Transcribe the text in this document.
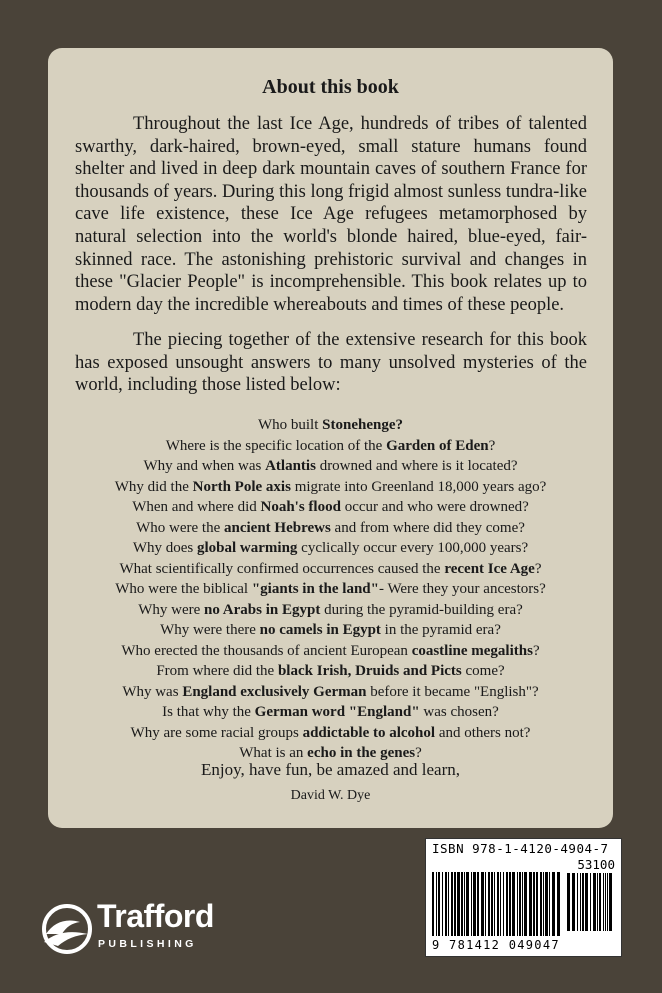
About this book

Throughout the last Ice Age, hundreds of tribes of talented swarthy, dark-haired, brown-eyed, small stature humans found shelter and lived in deep dark mountain caves of southern France for thousands of years. During this long frigid almost sunless tundra-like cave life existence, these Ice Age refugees metamorphosed by natural selection into the world's blonde haired, blue-eyed, fair-skinned race. The astonishing prehistoric survival and changes in these "Glacier People" is incomprehensible. This book relates up to modern day the incredible whereabouts and times of these people.

The piecing together of the extensive research for this book has exposed unsought answers to many unsolved mysteries of the world, including those listed below:

Who built Stonehenge?
Where is the specific location of the Garden of Eden?
Why and when was Atlantis drowned and where is it located?
Why did the North Pole axis migrate into Greenland 18,000 years ago?
When and where did Noah's flood occur and who were drowned?
Who were the ancient Hebrews and from where did they come?
Why does global warming cyclically occur every 100,000 years?
What scientifically confirmed occurrences caused the recent Ice Age?
Who were the biblical "giants in the land"- Were they your ancestors?
Why were no Arabs in Egypt during the pyramid-building era?
Why were there no camels in Egypt in the pyramid era?
Who erected the thousands of ancient European coastline megaliths?
From where did the black Irish, Druids and Picts come?
Why was England exclusively German before it became "English"?
Is that why the German word "England" was chosen?
Why are some racial groups addictable to alcohol and others not?
What is an echo in the genes?
Enjoy, have fun, be amazed and learn,
David W. Dye
ISBN 978-1-4120-4904-7
53100
9 781412 049047
Trafford
PUBLISHING
